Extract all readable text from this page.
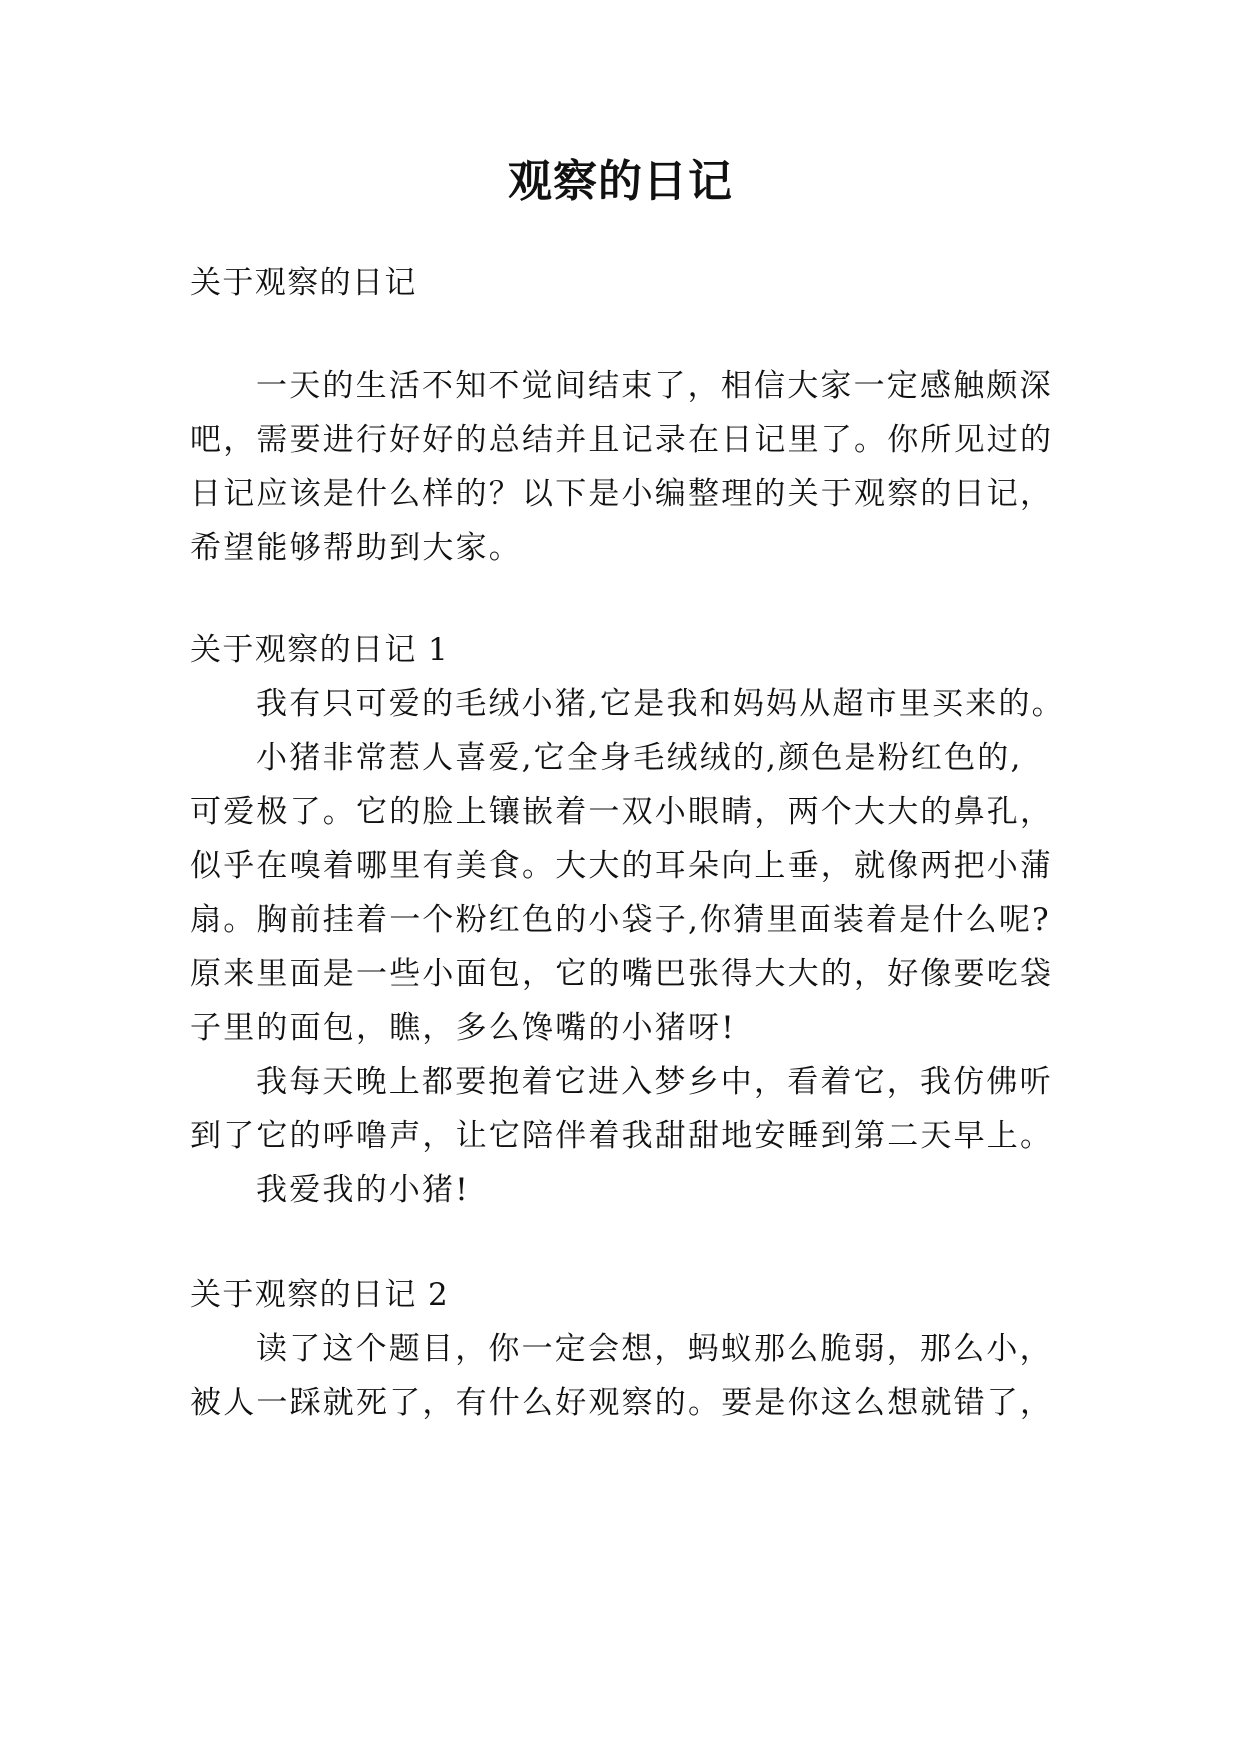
观察的日记
关于观察的日记
一天的生活不知不觉间结束了，相信大家一定感触颇深
吧，需要进行好好的总结并且记录在日记里了。你所见过的
日记应该是什么样的？以下是小编整理的关于观察的日记，
希望能够帮助到大家。
关于观察的日记 1
我有只可爱的毛绒小猪,它是我和妈妈从超市里买来的。
小猪非常惹人喜爱,它全身毛绒绒的,颜色是粉红色的,
可爱极了。它的脸上镶嵌着一双小眼睛，两个大大的鼻孔，
似乎在嗅着哪里有美食。大大的耳朵向上垂，就像两把小蒲
扇。胸前挂着一个粉红色的小袋子,你猜里面装着是什么呢?
原来里面是一些小面包，它的嘴巴张得大大的，好像要吃袋
子里的面包，瞧，多么馋嘴的小猪呀!
我每天晚上都要抱着它进入梦乡中，看着它，我仿佛听
到了它的呼噜声，让它陪伴着我甜甜地安睡到第二天早上。
我爱我的小猪!
关于观察的日记 2
读了这个题目，你一定会想，蚂蚁那么脆弱，那么小，
被人一踩就死了，有什么好观察的。要是你这么想就错了，
